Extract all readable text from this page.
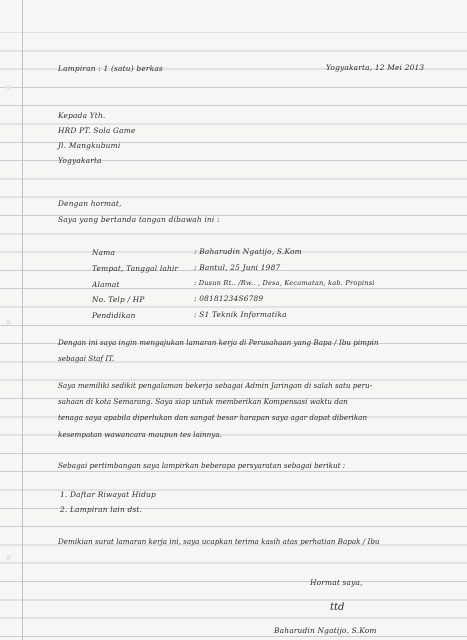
Lampiran : 1 (satu) berkas	Yogyakarta, 12 Mei 2013
Kepada Yth.
HRD PT. Sola Game
Jl. Mangkubumi
Yogyakarta
Dengan hormat,
Saya yang bertanda tangan dibawah ini :
Nama	: Baharudin Ngatijo, S.Kom
Tempat, Tanggal lahir : Bantul, 25 Juni 1987
Alamat	: Dusun Rt.. /Rw.. , Desa, Kecamatan, kab. Propinsi
No. Telp / HP	: 08181234S6789
Pendidikan	: S1 Teknik Informatika
Dengan ini saya ingin mengajukan lamaran kerja di Perusahaan yang Bapa / Ibu pimpin
sebagai Staf IT.
Saya memiliki sedikit pengalaman bekerja sebagai Admin Jaringan di salah satu peru-
sahaan di kota Semarang. Saya siap untuk memberikan Kompensasi waktu dan
tenaga saya apabila diperlukan dan sangat besar harapan saya agar dapat diberikan
kesempatan wawancara maupun tes lainnya.
Sebagai pertimbangan saya lampirkan beberapa persyaratan sebagai berikut :
1. Daftar Riwayat Hidup
2. Lampiran lain dst.
Demikian surat lamaran kerja ini, saya ucapkan terima kasih atas perhatian Bapak / Ibu
Hormat saya,
ttd
Baharudin Ngatijo, S.Kom
